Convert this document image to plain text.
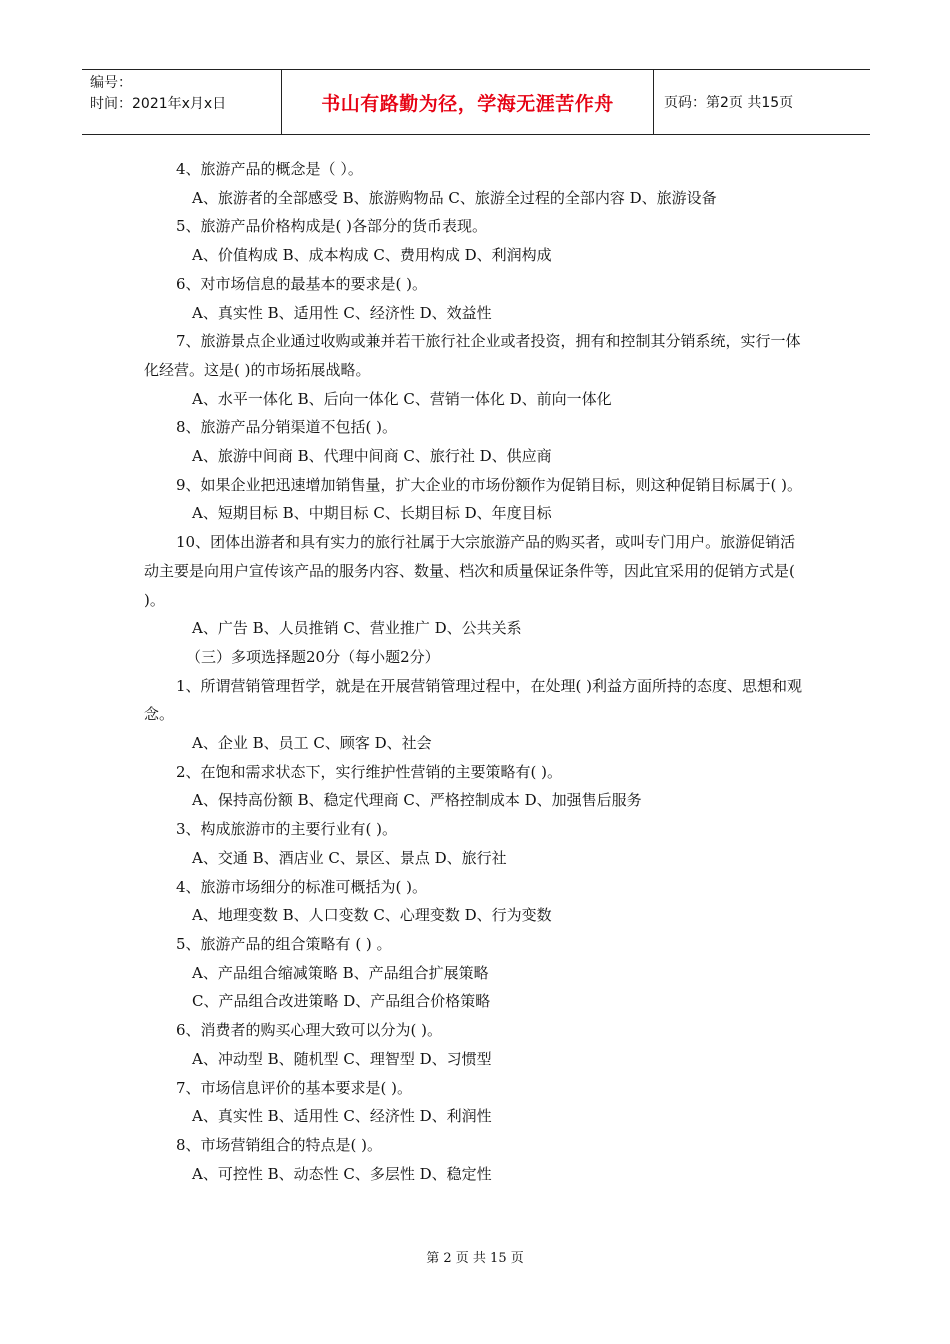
编号：
时间：2021年x月x日	书山有路勤为径，学海无涯苦作舟	页码：第2页 共15页

4、旅游产品的概念是（ ）。

A、旅游者的全部感受 B、旅游购物品 C、旅游全过程的全部内容 D、旅游设备

5、旅游产品价格构成是( )各部分的货币表现。

A、价值构成 B、成本构成 C、费用构成 D、利润构成

6、对市场信息的最基本的要求是( )。

A、真实性 B、适用性 C、经济性 D、效益性

7、旅游景点企业通过收购或兼并若干旅行社企业或者投资，拥有和控制其分销系统，实行一体化经营。这是( )的市场拓展战略。

A、水平一体化 B、后向一体化 C、营销一体化 D、前向一体化

8、旅游产品分销渠道不包括( )。

A、旅游中间商 B、代理中间商 C、旅行社 D、供应商

9、如果企业把迅速增加销售量，扩大企业的市场份额作为促销目标，则这种促销目标属于( )。

A、短期目标 B、中期目标 C、长期目标 D、年度目标

10、团体出游者和具有实力的旅行社属于大宗旅游产品的购买者，或叫专门用户。旅游促销活动主要是向用户宣传该产品的服务内容、数量、档次和质量保证条件等，因此宜采用的促销方式是( )。

A、广告 B、人员推销 C、营业推广 D、公共关系

（三）多项选择题20分（每小题2分）

1、所谓营销管理哲学，就是在开展营销管理过程中，在处理( )利益方面所持的态度、思想和观念。

A、企业 B、员工 C、顾客 D、社会

2、在饱和需求状态下，实行维护性营销的主要策略有( )。

A、保持高份额 B、稳定代理商 C、严格控制成本 D、加强售后服务

3、构成旅游市的主要行业有( )。

A、交通 B、酒店业 C、景区、景点 D、旅行社

4、旅游市场细分的标准可概括为( )。

A、地理变数 B、人口变数 C、心理变数 D、行为变数

5、旅游产品的组合策略有 ( ) 。

A、产品组合缩减策略 B、产品组合扩展策略

C、产品组合改进策略 D、产品组合价格策略

6、消费者的购买心理大致可以分为( )。

A、冲动型 B、随机型 C、理智型 D、习惯型

7、市场信息评价的基本要求是( )。

A、真实性 B、适用性 C、经济性 D、利润性

8、市场营销组合的特点是( )。

A、可控性 B、动态性 C、多层性 D、稳定性

第 2 页 共 15 页
